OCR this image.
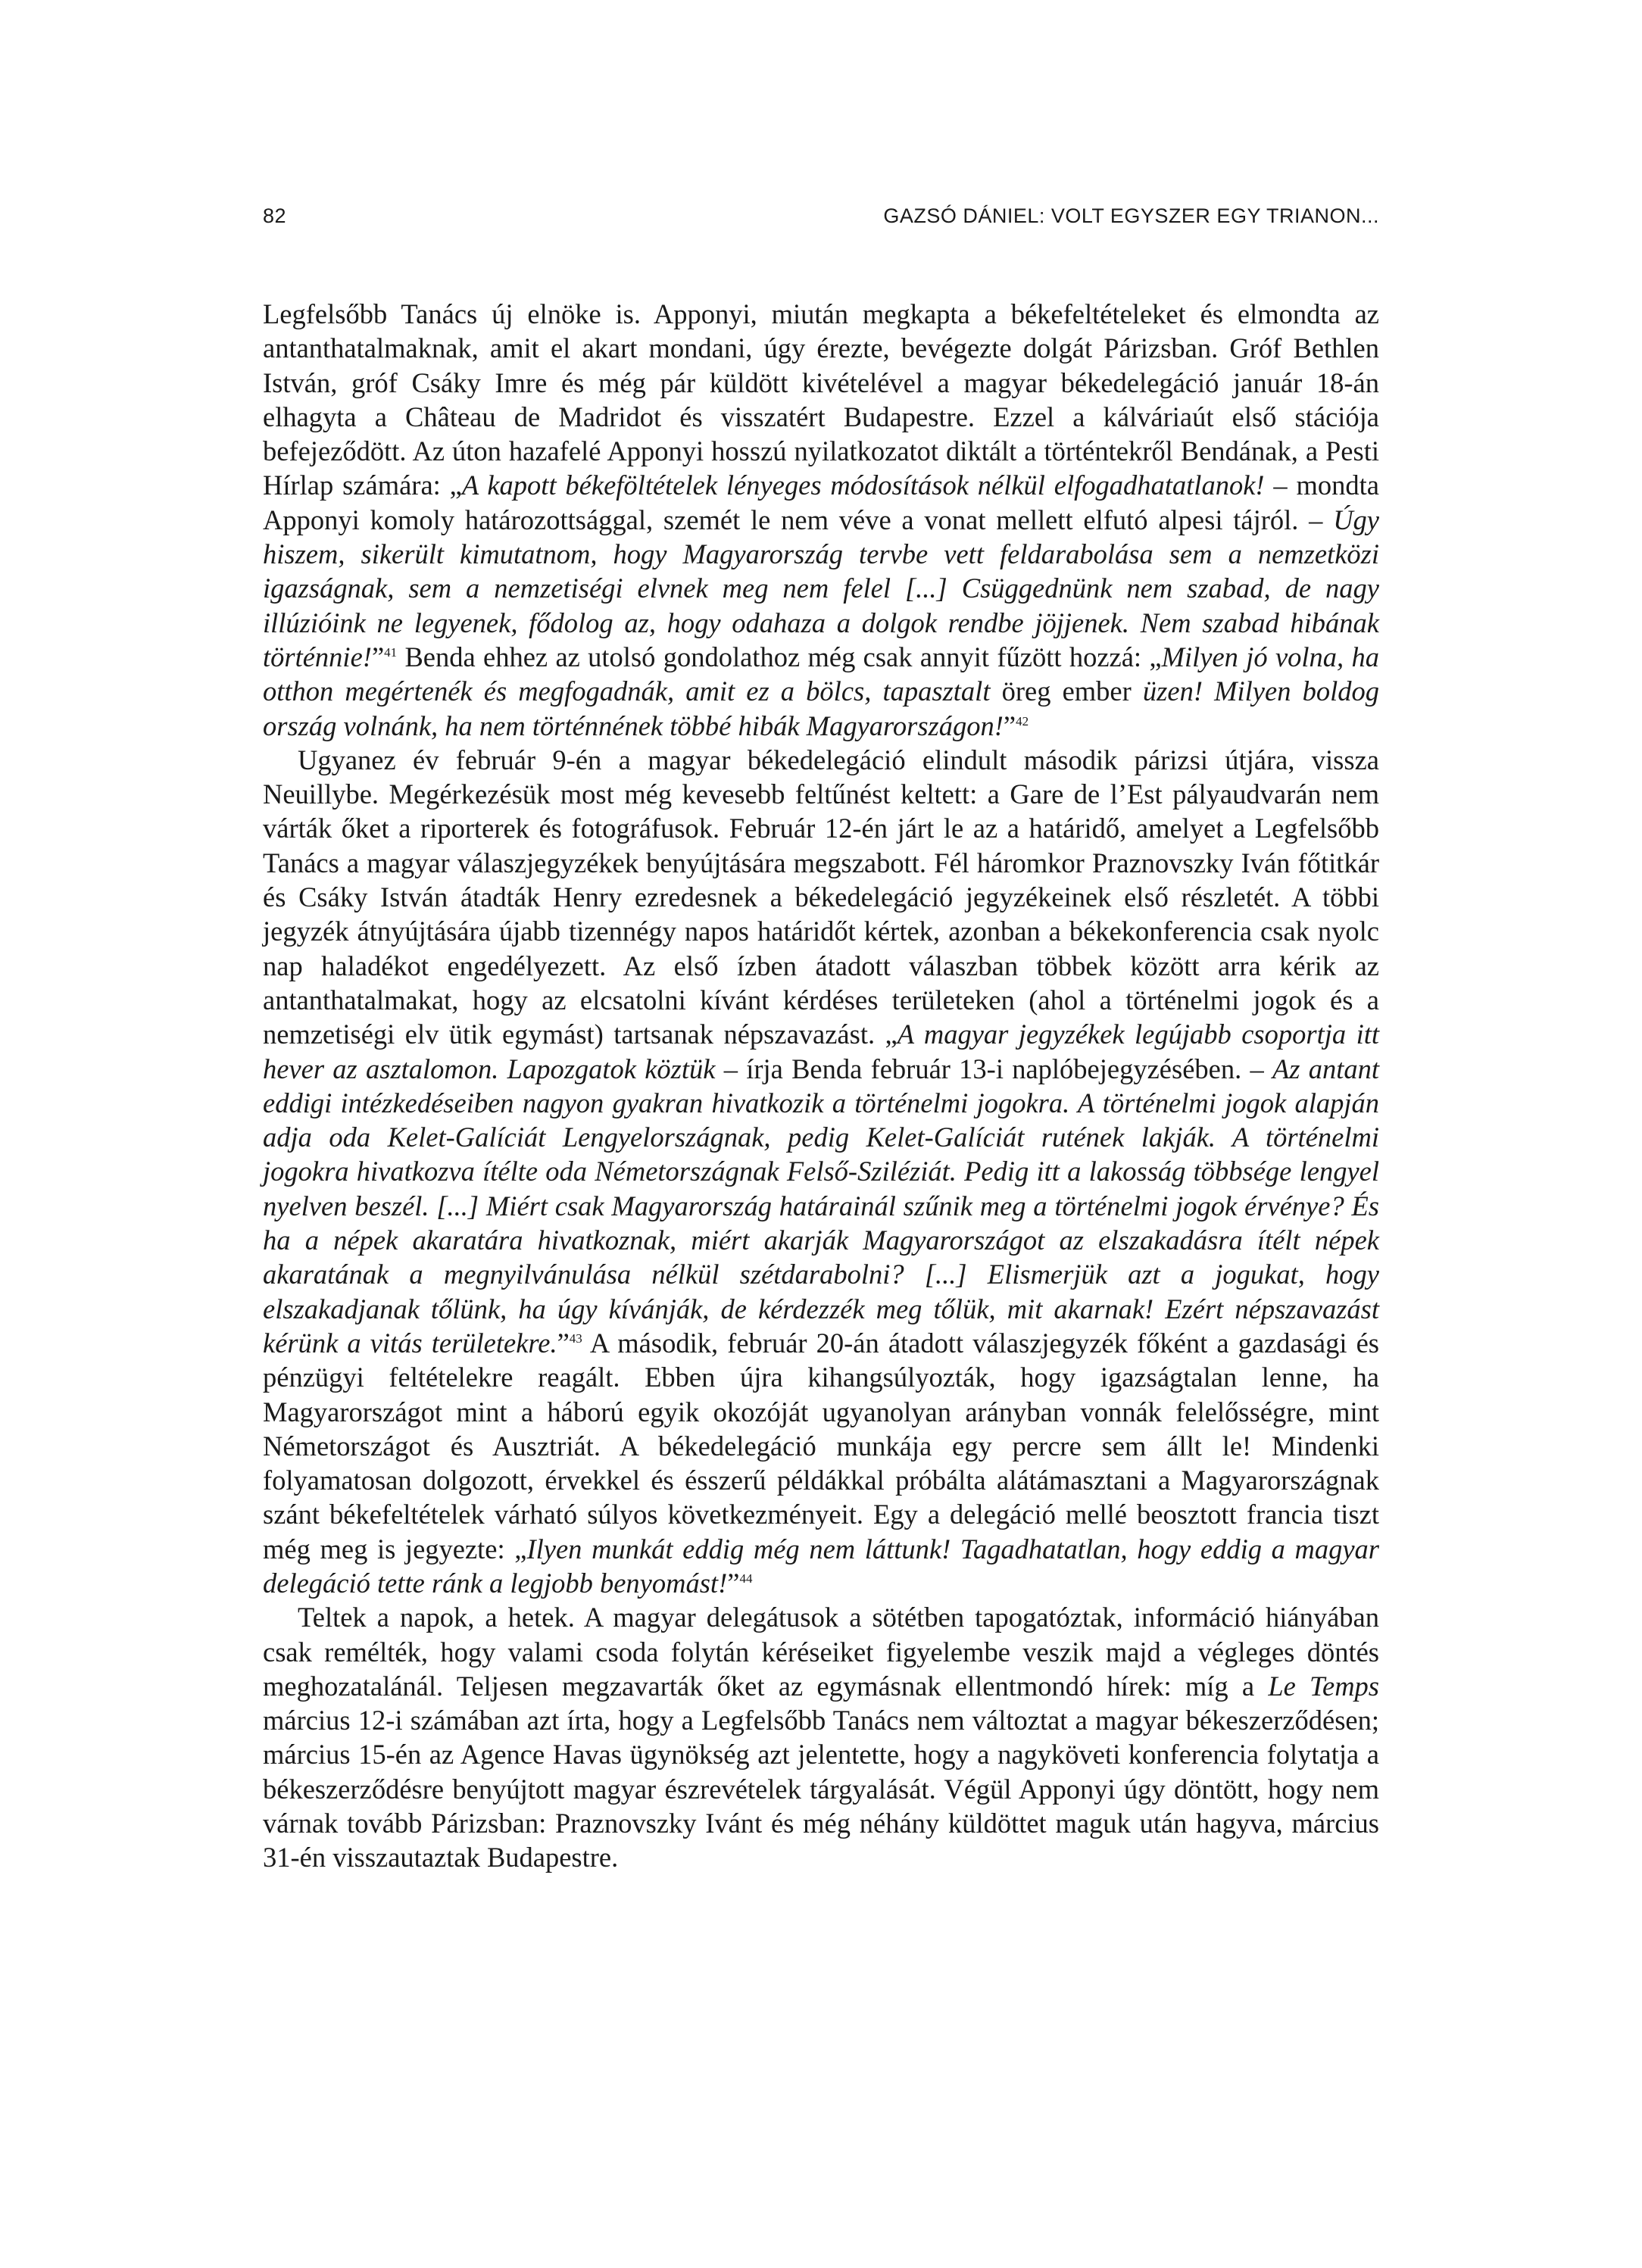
82	GAZSÓ DÁNIEL: VOLT EGYSZER EGY TRIANON...

Legfelsőbb Tanács új elnöke is. Apponyi, miután megkapta a békefeltételeket és elmondta az antanthatalmaknak, amit el akart mondani, úgy érezte, bevégezte dolgát Párizsban. Gróf Bethlen István, gróf Csáky Imre és még pár küldött kivételével a magyar békedelegáció január 18-án elhagyta a Château de Madridot és visszatért Budapestre. Ezzel a kálváriaút első stációja befejeződött. Az úton hazafelé Apponyi hosszú nyilatkozatot diktált a történtekről Bendának, a Pesti Hírlap számára: „A kapott békeföltételek lényeges módosítások nélkül elfogadhatatlanok! – mondta Apponyi komoly határozottsággal, szemét le nem véve a vonat mellett elfutó alpesi tájról. – Úgy hiszem, sikerült kimutatnom, hogy Magyarország tervbe vett feldarabolása sem a nemzetközi igazságnak, sem a nemzetiségi elvnek meg nem felel [...] Csüggednünk nem szabad, de nagy illúzióink ne legyenek, fődolog az, hogy odahaza a dolgok rendbe jöjjenek. Nem szabad hibának történnie!”$^{41}$ Benda ehhez az utolsó gondolathoz még csak annyit fűzött hozzá: „Milyen jó volna, ha otthon megértenék és megfogadnák, amit ez a bölcs, tapasztalt öreg ember üzen! Milyen boldog ország volnánk, ha nem történnének többé hibák Magyarországon!”$^{42}$

Ugyanez év február 9-én a magyar békedelegáció elindult második párizsi útjára, vissza Neuillybe. Megérkezésük most még kevesebb feltűnést keltett: a Gare de l’Est pályaudvarán nem várták őket a riporterek és fotográfusok. Február 12-én járt le az a határidő, amelyet a Legfelsőbb Tanács a magyar válaszjegyzékek benyújtására megszabott. Fél háromkor Praznovszky Iván főtitkár és Csáky István átadták Henry ezredesnek a békedelegáció jegyzékeinek első részletét. A többi jegyzék átnyújtására újabb tizennégy napos határidőt kértek, azonban a békekonferencia csak nyolc nap haladékot engedélyezett. Az első ízben átadott válaszban többek között arra kérik az antanthatalmakat, hogy az elcsatolni kívánt kérdéses területeken (ahol a történelmi jogok és a nemzetiségi elv ütik egymást) tartsanak népszavazást. „A magyar jegyzékek legújabb csoportja itt hever az asztalomon. Lapozgatok köztük – írja Benda február 13-i naplóbejegyzésében. – Az antant eddigi intézkedéseiben nagyon gyakran hivatkozik a történelmi jogokra. A történelmi jogok alapján adja oda Kelet-Galíciát Lengyelországnak, pedig Kelet-Galíciát rutének lakják. A történelmi jogokra hivatkozva ítélte oda Németországnak Felső-Sziléziát. Pedig itt a lakosság többsége lengyel nyelven beszél. [...] Miért csak Magyarország határainál szűnik meg a történelmi jogok érvénye? És ha a népek akaratára hivatkoznak, miért akarják Magyarországot az elszakadásra ítélt népek akaratának a megnyilvánulása nélkül szétdarabolni? [...] Elismerjük azt a jogukat, hogy elszakadjanak tőlünk, ha úgy kívánják, de kérdezzék meg tőlük, mit akarnak! Ezért népszavazást kérünk a vitás területekre.”$^{43}$ A második, február 20-án átadott válaszjegyzék főként a gazdasági és pénzügyi feltételekre reagált. Ebben újra kihangsúlyozták, hogy igazságtalan lenne, ha Magyarországot mint a háború egyik okozóját ugyanolyan arányban vonnák felelősségre, mint Németországot és Ausztriát. A békedelegáció munkája egy percre sem állt le! Mindenki folyamatosan dolgozott, érvekkel és ésszerű példákkal próbálta alátámasztani a Magyarországnak szánt békefeltételek várható súlyos következményeit. Egy a delegáció mellé beosztott francia tiszt még meg is jegyezte: „Ilyen munkát eddig még nem láttunk! Tagadhatatlan, hogy eddig a magyar delegáció tette ránk a legjobb benyomást!”$^{44}$

Teltek a napok, a hetek. A magyar delegátusok a sötétben tapogatóztak, információ hiányában csak remélték, hogy valami csoda folytán kéréseiket figyelembe veszik majd a végleges döntés meghozatalánál. Teljesen megzavarták őket az egymásnak ellentmondó hírek: míg a Le Temps március 12-i számában azt írta, hogy a Legfelsőbb Tanács nem változtat a magyar békeszerződésen; március 15-én az Agence Havas ügynökség azt jelentette, hogy a nagyköveti konferencia folytatja a békeszerződésre benyújtott magyar észrevételek tárgyalását. Végül Apponyi úgy döntött, hogy nem várnak tovább Párizsban: Praznovszky Ivánt és még néhány küldöttet maguk után hagyva, március 31-én visszautaztak Budapestre.
